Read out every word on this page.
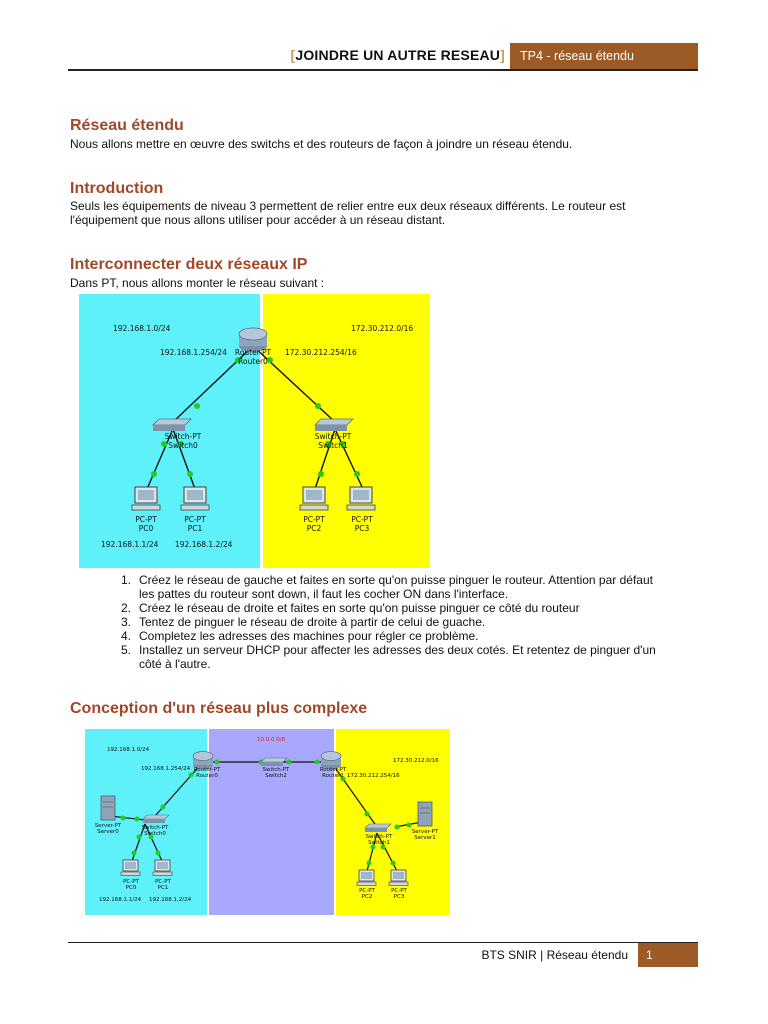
[JOINDRE UN AUTRE RESEAU]	TP4 - réseau étendu
Réseau étendu

Nous allons mettre en œuvre des switchs et des routeurs de façon à joindre un réseau étendu.

Introduction

Seuls les équipements de niveau 3 permettent de relier entre eux deux réseaux différents. Le routeur est

l'équipement que nous allons utiliser pour accéder à un réseau distant.

Interconnecter deux réseaux IP

Dans PT, nous allons monter le réseau suivant :

192.168.1.0/24	172.30.212.0/16
192.168.1.254/24	172.30.212.254/16
Router-PT
Router0
Switch-PT
Switch0
Switch-PT
Switch1
PC-PT
PC0
PC-PT
PC1
PC-PT
PC2
PC-PT
PC3
192.168.1.1/24 192.168.1.2/24
1. Créez le réseau de gauche et faites en sorte qu'on puisse pinguer le routeur. Attention par défaut
les pattes du routeur sont down, il faut les cocher ON dans l'interface.
2. Créez le réseau de droite et faites en sorte qu'on puisse pinguer ce côté du routeur
3. Tentez de pinguer le réseau de droite à partir de celui de guache.
4. Completez les adresses des machines pour régler ce problème.
5. Installez un serveur DHCP pour affecter les adresses des deux cotés. Et retentez de pinguer d'un
côté à l'autre.
Conception d'un réseau plus complexe
192.168.1.0/24
10.0.0.0/8
172.30.212.0/16
192.168.1.254/24 Router-PT
Router0
Switch-PT
Switch2
Router-PT
Router1 172.30.212.254/16
Server-PT
Server0
Switch-PT
Switch0	Server-PT
Server1
Switch-PT
Switch1
PC-PT
PC0
PC-PT
PC1	PC-PT
PC2
PC-PT
PC3
192.168.1.1/24 192.168.1.2/24
BTS SNIR | Réseau étendu	1
